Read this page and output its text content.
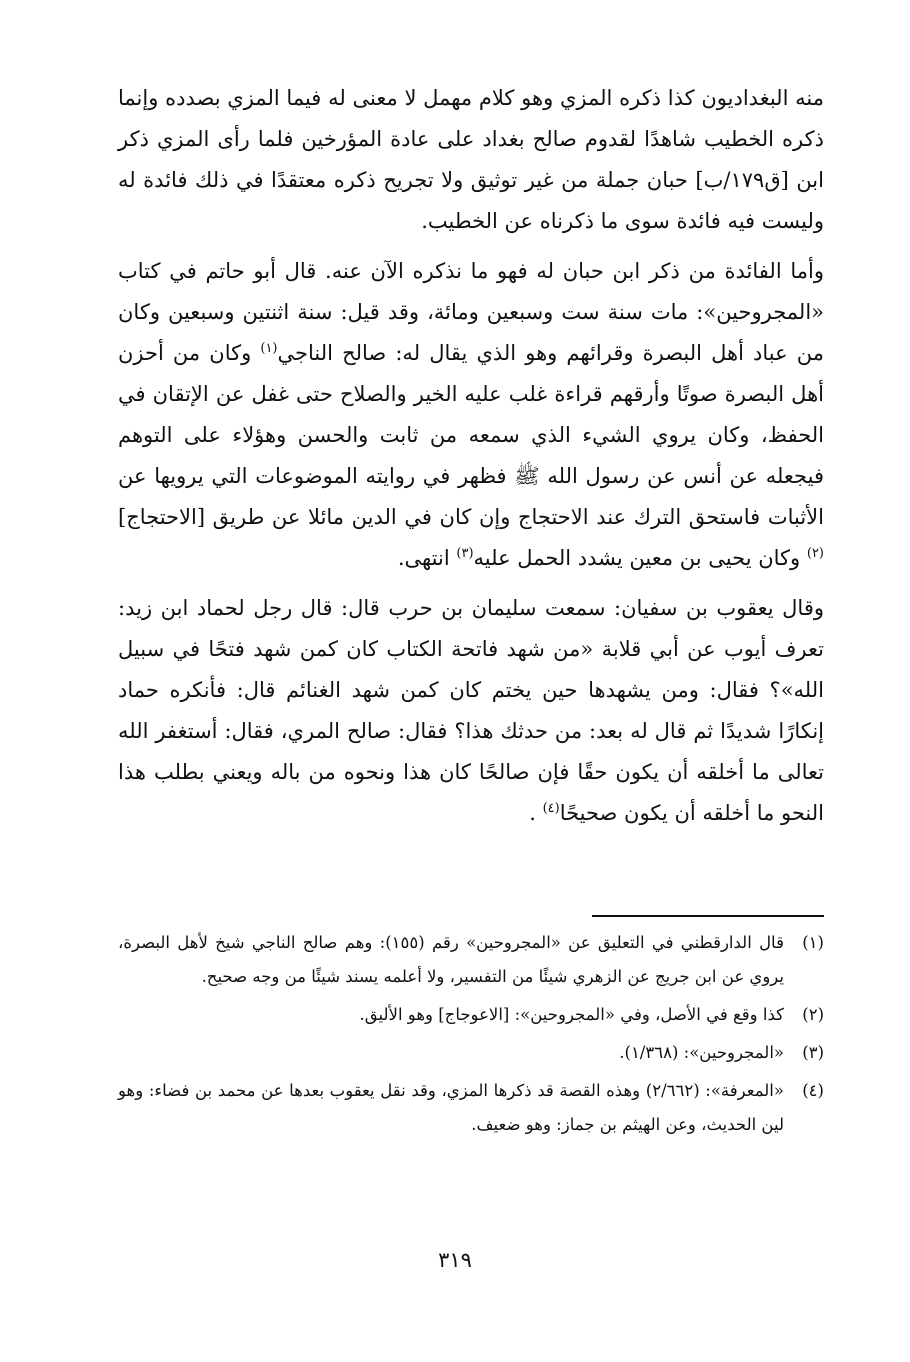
منه البغداديون كذا ذكره المزي وهو كلام مهمل لا معنى له فيما المزي بصدده وإنما ذكره الخطيب شاهدًا لقدوم صالح بغداد على عادة المؤرخين فلما رأى المزي ذكر ابن [ق١٧٩/ب] حبان جملة من غير توثيق ولا تجريح ذكره معتقدًا في ذلك فائدة له وليست فيه فائدة سوى ما ذكرناه عن الخطيب.

وأما الفائدة من ذكر ابن حبان له فهو ما نذكره الآن عنه. قال أبو حاتم في كتاب «المجروحين»: مات سنة ست وسبعين ومائة، وقد قيل: سنة اثنتين وسبعين وكان من عباد أهل البصرة وقرائهم وهو الذي يقال له: صالح الناجي$^{(١)}$ وكان من أحزن أهل البصرة صوتًا وأرقهم قراءة غلب عليه الخير والصلاح حتى غفل عن الإتقان في الحفظ، وكان يروي الشيء الذي سمعه من ثابت والحسن وهؤلاء على التوهم فيجعله عن أنس عن رسول الله ﷺ فظهر في روايته الموضوعات التي يرويها عن الأثبات فاستحق الترك عند الاحتجاج وإن كان في الدين مائلا عن طريق [الاحتجاج]$^{(٢)}$ وكان يحيى بن معين يشدد الحمل عليه$^{(٣)}$ انتهى.

وقال يعقوب بن سفيان: سمعت سليمان بن حرب قال: قال رجل لحماد ابن زيد: تعرف أيوب عن أبي قلابة «من شهد فاتحة الكتاب كان كمن شهد فتحًا في سبيل الله»؟ فقال: ومن يشهدها حين يختم كان كمن شهد الغنائم قال: فأنكره حماد إنكارًا شديدًا ثم قال له بعد: من حدثك هذا؟ فقال: صالح المري، فقال: أستغفر الله تعالى ما أخلقه أن يكون حقًا فإن صالحًا كان هذا ونحوه من باله ويعني بطلب هذا النحو ما أخلقه أن يكون صحيحًا$^{(٤)}$ .

(١)قال الدارقطني في التعليق عن «المجروحين» رقم (١٥٥): وهم صالح الناجي شيخ لأهل البصرة، يروي عن ابن جريج عن الزهري شيئًا من التفسير، ولا أعلمه يسند شيئًا من وجه صحيح.

(٢)كذا وقع في الأصل، وفي «المجروحين»: [الاعوجاج] وهو الأليق.

(٣)«المجروحين»: (١/٣٦٨).

(٤)«المعرفة»: (٢/٦٦٢) وهذه القصة قد ذكرها المزي، وقد نقل يعقوب بعدها عن محمد بن فضاء: وهو لين الحديث، وعن الهيثم بن جماز: وهو ضعيف.

٣١٩
